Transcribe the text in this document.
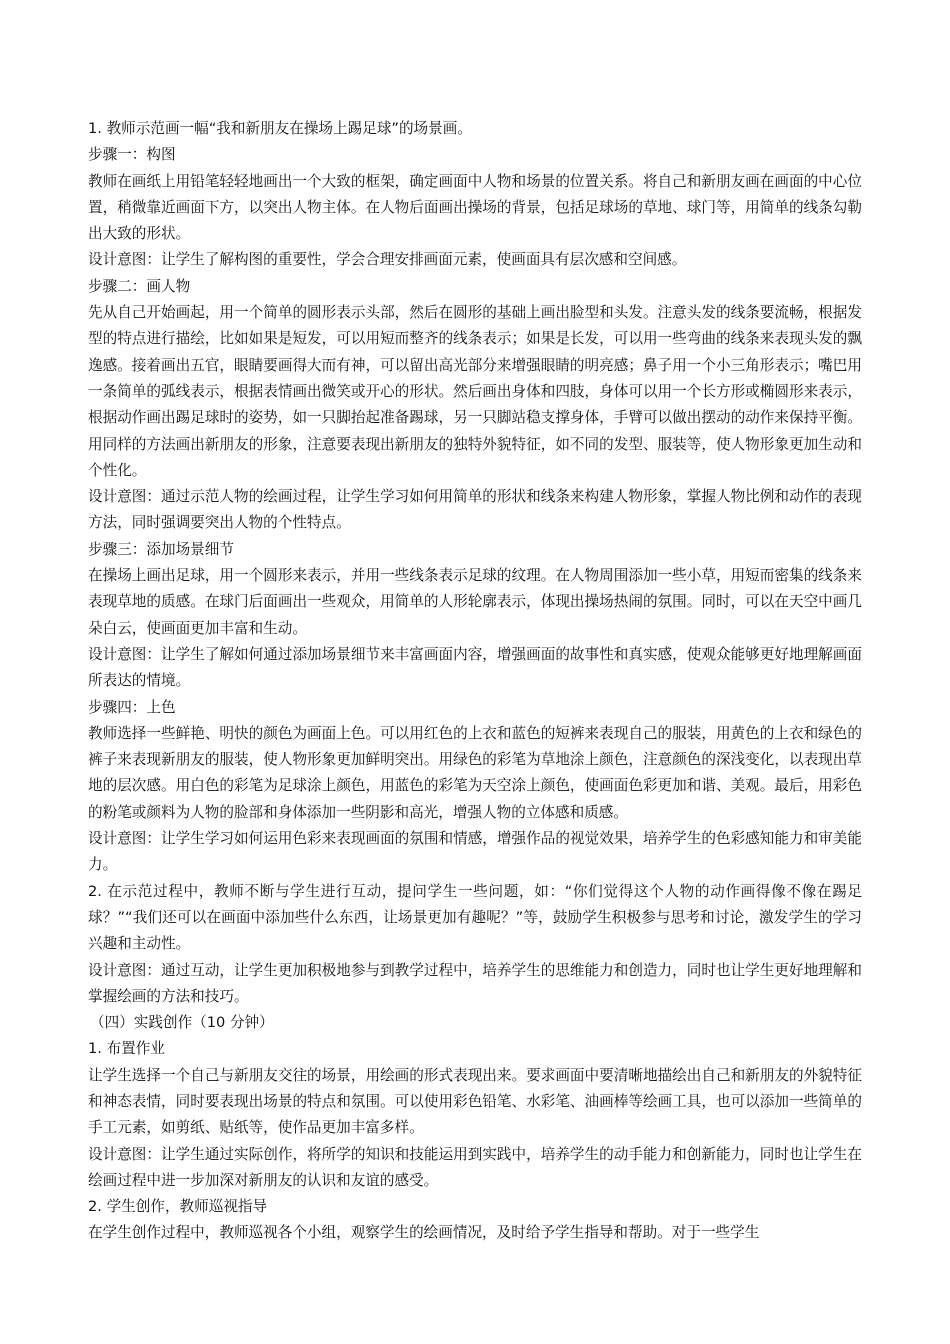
1. 教师示范画一幅“我和新朋友在操场上踢足球”的场景画。

步骤一：构图

教师在画纸上用铅笔轻轻地画出一个大致的框架，确定画面中人物和场景的位置关系。将自己和新朋友画在画面的中心位置，稍微靠近画面下方，以突出人物主体。在人物后面画出操场的背景，包括足球场的草地、球门等，用简单的线条勾勒出大致的形状。

设计意图：让学生了解构图的重要性，学会合理安排画面元素，使画面具有层次感和空间感。

步骤二：画人物

先从自己开始画起，用一个简单的圆形表示头部，然后在圆形的基础上画出脸型和头发。注意头发的线条要流畅，根据发型的特点进行描绘，比如如果是短发，可以用短而整齐的线条表示；如果是长发，可以用一些弯曲的线条来表现头发的飘逸感。接着画出五官，眼睛要画得大而有神，可以留出高光部分来增强眼睛的明亮感；鼻子用一个小三角形表示；嘴巴用一条简单的弧线表示，根据表情画出微笑或开心的形状。然后画出身体和四肢，身体可以用一个长方形或椭圆形来表示，根据动作画出踢足球时的姿势，如一只脚抬起准备踢球，另一只脚站稳支撑身体，手臂可以做出摆动的动作来保持平衡。用同样的方法画出新朋友的形象，注意要表现出新朋友的独特外貌特征，如不同的发型、服装等，使人物形象更加生动和个性化。

设计意图：通过示范人物的绘画过程，让学生学习如何用简单的形状和线条来构建人物形象，掌握人物比例和动作的表现方法，同时强调要突出人物的个性特点。

步骤三：添加场景细节

在操场上画出足球，用一个圆形来表示，并用一些线条表示足球的纹理。在人物周围添加一些小草，用短而密集的线条来表现草地的质感。在球门后面画出一些观众，用简单的人形轮廓表示，体现出操场热闹的氛围。同时，可以在天空中画几朵白云，使画面更加丰富和生动。

设计意图：让学生了解如何通过添加场景细节来丰富画面内容，增强画面的故事性和真实感，使观众能够更好地理解画面所表达的情境。

步骤四：上色

教师选择一些鲜艳、明快的颜色为画面上色。可以用红色的上衣和蓝色的短裤来表现自己的服装，用黄色的上衣和绿色的裤子来表现新朋友的服装，使人物形象更加鲜明突出。用绿色的彩笔为草地涂上颜色，注意颜色的深浅变化，以表现出草地的层次感。用白色的彩笔为足球涂上颜色，用蓝色的彩笔为天空涂上颜色，使画面色彩更加和谐、美观。最后，用彩色的粉笔或颜料为人物的脸部和身体添加一些阴影和高光，增强人物的立体感和质感。

设计意图：让学生学习如何运用色彩来表现画面的氛围和情感，增强作品的视觉效果，培养学生的色彩感知能力和审美能力。

2. 在示范过程中，教师不断与学生进行互动，提问学生一些问题，如：“你们觉得这个人物的动作画得像不像在踢足球？”“我们还可以在画面中添加些什么东西，让场景更加有趣呢？”等，鼓励学生积极参与思考和讨论，激发学生的学习兴趣和主动性。

设计意图：通过互动，让学生更加积极地参与到教学过程中，培养学生的思维能力和创造力，同时也让学生更好地理解和掌握绘画的方法和技巧。

（四）实践创作（10 分钟）

1. 布置作业

让学生选择一个自己与新朋友交往的场景，用绘画的形式表现出来。要求画面中要清晰地描绘出自己和新朋友的外貌特征和神态表情，同时要表现出场景的特点和氛围。可以使用彩色铅笔、水彩笔、油画棒等绘画工具，也可以添加一些简单的手工元素，如剪纸、贴纸等，使作品更加丰富多样。

设计意图：让学生通过实际创作，将所学的知识和技能运用到实践中，培养学生的动手能力和创新能力，同时也让学生在绘画过程中进一步加深对新朋友的认识和友谊的感受。

2. 学生创作，教师巡视指导

在学生创作过程中，教师巡视各个小组，观察学生的绘画情况，及时给予学生指导和帮助。对于一些学生
